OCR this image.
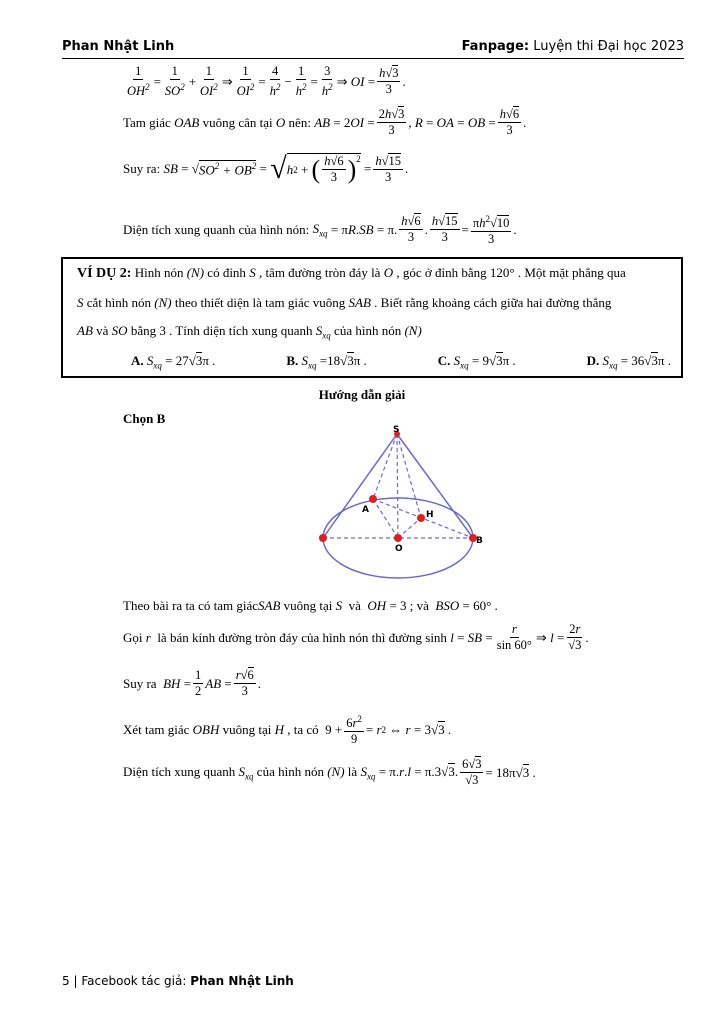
Phan Nhật Linh	Fanpage: Luyện thi Đại học 2023
$\frac{1}{OH^2} = \frac{1}{SO^2} + \frac{1}{OI^2}$ ⇒ $\frac{1}{OI^2} = \frac{4}{h^2} - \frac{1}{h^2} = \frac{3}{h^2}$ ⇒ OI = $\frac{h√3}{3}$ .
Tam giác OAB vuông cân tại O nên: AB = 2 OI = $\frac{2h√3}{3}$ , R = OA = OB = $\frac{h√6}{3}$ .
Suy ra: SB = √ $SO^2 + OB^2$ = √ h 2 + ( $\frac{h√6}{3} )^2$
= $\frac{h√15}{3}$ .
Diện tích xung quanh của hình nón: $S_{xq} = \pi$ R . SB = π. $\frac{h√6}{3}$ . $\frac{h√15}{3} = \frac{\pi h^2√10}{3}$ .

VÍ DỤ 2: Hình nón (N) có đỉnh S , tâm đường tròn đáy là O , góc ở đỉnh bằng 120° . Một mặt phẳng qua

S cắt hình nón (N) theo thiết diện là tam giác vuông SAB . Biết rằng khoảng cách giữa hai đường thẳng

AB và SO bằng 3 . Tính diện tích xung quanh $S_{xq}$ của hình nón (N)

A. $S_{xq} = 27√3\pi$ .	B. $S_{xq} =18√3\pi$ .	C. $S_{xq} = 9√3\pi$ .	D. $S_{xq} = 36√3\pi$ .
Hướng dẫn giải
Chọn B
S
A	H
O
B
Theo bài ra ta có tam giácSAB vuông tại S  và  OH = 3 ; và  BSO = 60° .
Gọi r  là bán kính đường tròn đáy của hình nón thì đường sinh l = SB = $\frac{r}{\sin 60^\circ}$ ⇒ $l = \frac{2r}{√3}$ .
Suy ra  BH = $\frac{1}{2}$ AB = $\frac{r√6}{3}$ .
Xét tam giác OBH vuông tại H , ta có  $9 + \frac{6r^2}{9} = r$ 2 ⇔ r = 3√ 3 .
Diện tích xung quanh $S_{xq}$ của hình nón (N) là $S_{xq} = \pi.r.l = \pi.3√3$. $\frac{6√3}{√3} = 18\pi√$ 3 .
5 | Facebook tác giả: Phan Nhật Linh
